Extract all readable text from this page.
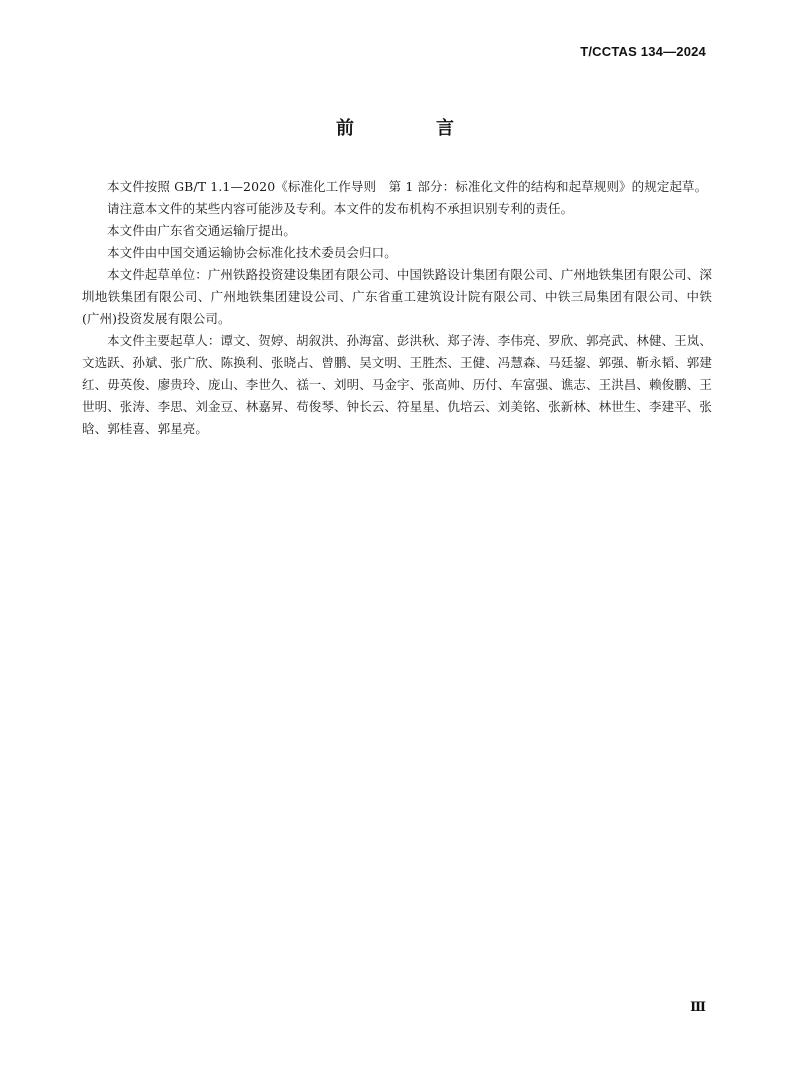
T/CCTAS 134—2024
前　言

本文件按照 GB/T 1.1—2020《标准化工作导则　第 1 部分：标准化文件的结构和起草规则》的规定起草。

请注意本文件的某些内容可能涉及专利。本文件的发布机构不承担识别专利的责任。

本文件由广东省交通运输厅提出。

本文件由中国交通运输协会标准化技术委员会归口。

本文件起草单位：广州铁路投资建设集团有限公司、中国铁路设计集团有限公司、广州地铁集团有限公司、深圳地铁集团有限公司、广州地铁集团建设公司、广东省重工建筑设计院有限公司、中铁三局集团有限公司、中铁(广州)投资发展有限公司。

本文件主要起草人：谭文、贺婷、胡叙洪、孙海富、彭洪秋、郑子涛、李伟亮、罗欣、郭亮武、林健、王岚、文选跃、孙斌、张广欣、陈换利、张晓占、曾鹏、吴文明、王胜杰、王健、冯慧森、马廷鋆、郭强、靳永韬、郭建红、毋英俊、廖贵玲、庞山、李世久、禚一、刘明、马金宇、张高帅、历付、车富强、谯志、王洪昌、赖俊鹏、王世明、张涛、李思、刘金豆、林嘉昇、苟俊琴、钟长云、符星星、仇培云、刘美铭、张新林、林世生、李建平、张晗、郭桂喜、郭星亮。

Ⅲ
